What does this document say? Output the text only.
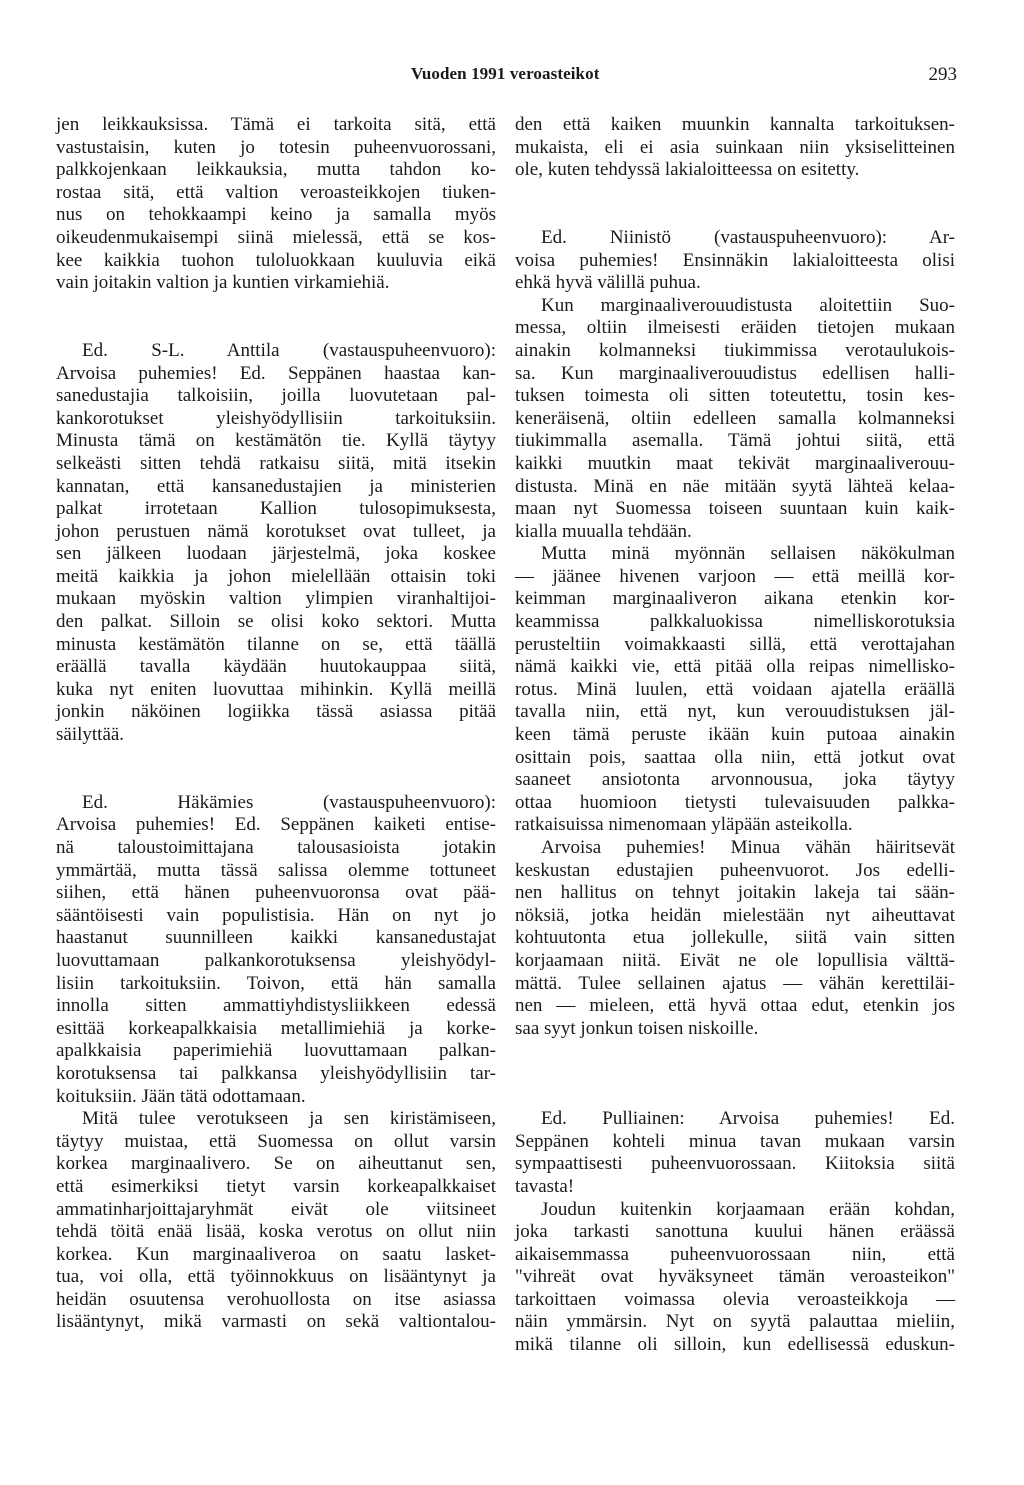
Vuoden 1991 veroasteikot	293
jen leikkauksissa. Tämä ei tarkoita sitä, että
vastustaisin, kuten jo totesin puheenvuorossani,
palkkojenkaan leikkauksia, mutta tahdon ko-
rostaa sitä, että valtion veroasteikkojen tiuken-
nus on tehokkaampi keino ja samalla myös
oikeudenmukaisempi siinä mielessä, että se kos-
kee kaikkia tuohon tuloluokkaan kuuluvia eikä
vain joitakin valtion ja kuntien virkamiehiä.
Ed. S-L. Anttila (vastauspuheenvuoro):
Arvoisa puhemies! Ed. Seppänen haastaa kan-
sanedustajia talkoisiin, joilla luovutetaan pal-
kankorotukset yleishyödyllisiin tarkoituksiin.
Minusta tämä on kestämätön tie. Kyllä täytyy
selkeästi sitten tehdä ratkaisu siitä, mitä itsekin
kannatan, että kansanedustajien ja ministerien
palkat irrotetaan Kallion tulosopimuksesta,
johon perustuen nämä korotukset ovat tulleet, ja
sen jälkeen luodaan järjestelmä, joka koskee
meitä kaikkia ja johon mielellään ottaisin toki
mukaan myöskin valtion ylimpien viranhaltijoi-
den palkat. Silloin se olisi koko sektori. Mutta
minusta kestämätön tilanne on se, että täällä
eräällä tavalla käydään huutokauppaa siitä,
kuka nyt eniten luovuttaa mihinkin. Kyllä meillä
jonkin näköinen logiikka tässä asiassa pitää
säilyttää.
Ed. Häkämies (vastauspuheenvuoro):
Arvoisa puhemies! Ed. Seppänen kaiketi entise-
nä taloustoimittajana talousasioista jotakin
ymmärtää, mutta tässä salissa olemme tottuneet
siihen, että hänen puheenvuoronsa ovat pää-
sääntöisesti vain populistisia. Hän on nyt jo
haastanut suunnilleen kaikki kansanedustajat
luovuttamaan palkankorotuksensa yleishyödyl-
lisiin tarkoituksiin. Toivon, että hän samalla
innolla sitten ammattiyhdistysliikkeen edessä
esittää korkeapalkkaisia metallimiehiä ja korke-
apalkkaisia paperimiehiä luovuttamaan palkan-
korotuksensa tai palkkansa yleishyödyllisiin tar-
koituksiin. Jään tätä odottamaan.
Mitä tulee verotukseen ja sen kiristämiseen,
täytyy muistaa, että Suomessa on ollut varsin
korkea marginaalivero. Se on aiheuttanut sen,
että esimerkiksi tietyt varsin korkeapalkkaiset
ammatinharjoittajaryhmät eivät ole viitsineet
tehdä töitä enää lisää, koska verotus on ollut niin
korkea. Kun marginaaliveroa on saatu lasket-
tua, voi olla, että työinnokkuus on lisääntynyt ja
heidän osuutensa verohuollosta on itse asiassa
lisääntynyt, mikä varmasti on sekä valtiontalou-
den että kaiken muunkin kannalta tarkoituksen-
mukaista, eli ei asia suinkaan niin yksiselitteinen
ole, kuten tehdyssä lakialoitteessa on esitetty.
Ed. Niinistö (vastauspuheenvuoro): Ar-
voisa puhemies! Ensinnäkin lakialoitteesta olisi
ehkä hyvä välillä puhua.
Kun marginaaliverouudistusta aloitettiin Suo-
messa, oltiin ilmeisesti eräiden tietojen mukaan
ainakin kolmanneksi tiukimmissa verotaulukois-
sa. Kun marginaaliverouudistus edellisen halli-
tuksen toimesta oli sitten toteutettu, tosin kes-
keneräisenä, oltiin edelleen samalla kolmanneksi
tiukimmalla asemalla. Tämä johtui siitä, että
kaikki muutkin maat tekivät marginaaliverouu-
distusta. Minä en näe mitään syytä lähteä kelaa-
maan nyt Suomessa toiseen suuntaan kuin kaik-
kialla muualla tehdään.
Mutta minä myönnän sellaisen näkökulman
— jäänee hivenen varjoon — että meillä kor-
keimman marginaaliveron aikana etenkin kor-
keammissa palkkaluokissa nimelliskorotuksia
perusteltiin voimakkaasti sillä, että verottajahan
nämä kaikki vie, että pitää olla reipas nimellisko-
rotus. Minä luulen, että voidaan ajatella eräällä
tavalla niin, että nyt, kun verouudistuksen jäl-
keen tämä peruste ikään kuin putoaa ainakin
osittain pois, saattaa olla niin, että jotkut ovat
saaneet ansiotonta arvonnousua, joka täytyy
ottaa huomioon tietysti tulevaisuuden palkka-
ratkaisuissa nimenomaan yläpään asteikolla.
Arvoisa puhemies! Minua vähän häiritsevät
keskustan edustajien puheenvuorot. Jos edelli-
nen hallitus on tehnyt joitakin lakeja tai sään-
nöksiä, jotka heidän mielestään nyt aiheuttavat
kohtuutonta etua jollekulle, siitä vain sitten
korjaamaan niitä. Eivät ne ole lopullisia välttä-
mättä. Tulee sellainen ajatus — vähän kerettiläi-
nen — mieleen, että hyvä ottaa edut, etenkin jos
saa syyt jonkun toisen niskoille.
Ed. Pulliainen: Arvoisa puhemies! Ed.
Seppänen kohteli minua tavan mukaan varsin
sympaattisesti puheenvuorossaan. Kiitoksia siitä
tavasta!
Joudun kuitenkin korjaamaan erään kohdan,
joka tarkasti sanottuna kuului hänen eräässä
aikaisemmassa puheenvuorossaan niin, että
"vihreät ovat hyväksyneet tämän veroasteikon"
tarkoittaen voimassa olevia veroasteikkoja —
näin ymmärsin. Nyt on syytä palauttaa mieliin,
mikä tilanne oli silloin, kun edellisessä eduskun-
